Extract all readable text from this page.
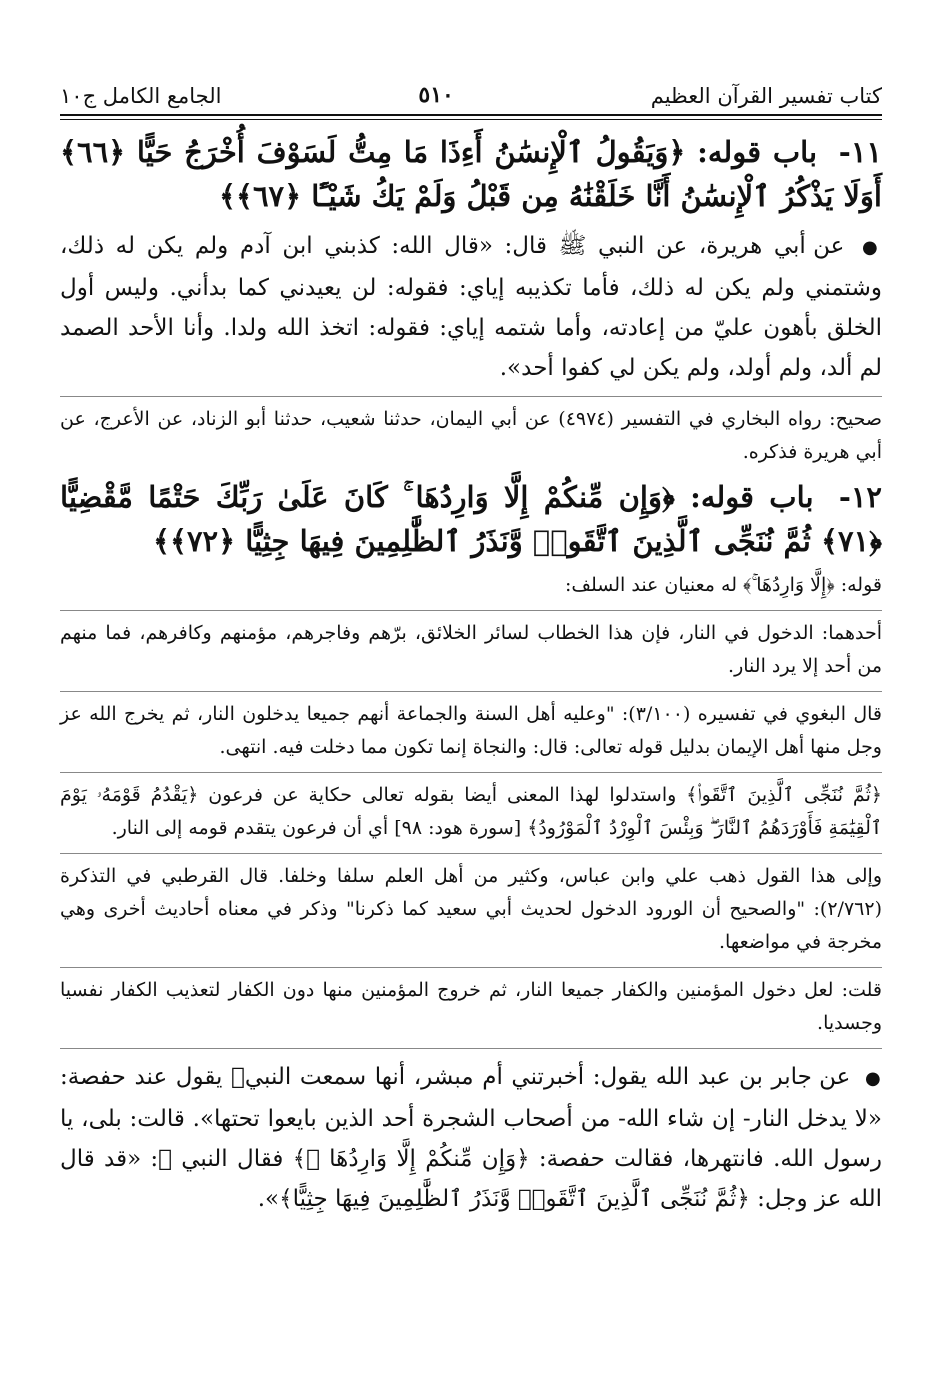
كتاب تفسير القرآن العظيم
٥١٠
الجامع الكامل ج١٠
١١- باب قوله: ﴿وَيَقُولُ ٱلْإِنسَٰنُ أَءِذَا مَا مِتُّ لَسَوْفَ أُخْرَجُ حَيًّا ﴿٦٦﴾ أَوَلَا يَذْكُرُ ٱلْإِنسَٰنُ أَنَّا خَلَقْنَٰهُ مِن قَبْلُ وَلَمْ يَكُ شَيْـًٔا ﴿٦٧﴾﴾

● عن أبي هريرة، عن النبي ﷺ قال: «قال الله: كذبني ابن آدم ولم يكن له ذلك، وشتمني ولم يكن له ذلك، فأما تكذيبه إياي: فقوله: لن يعيدني كما بدأني. وليس أول الخلق بأهون عليّ من إعادته، وأما شتمه إياي: فقوله: اتخذ الله ولدا. وأنا الأحد الصمد لم ألد، ولم أولد، ولم يكن لي كفوا أحد».

صحيح: رواه البخاري في التفسير (٤٩٧٤) عن أبي اليمان، حدثنا شعيب، حدثنا أبو الزناد، عن الأعرج، عن أبي هريرة فذكره.

١٢- باب قوله: ﴿وَإِن مِّنكُمْ إِلَّا وَارِدُهَا ۚ كَانَ عَلَىٰ رَبِّكَ حَتْمًا مَّقْضِيًّا ﴿٧١﴾ ثُمَّ نُنَجِّى ٱلَّذِينَ ٱتَّقَوا۟ وَّنَذَرُ ٱلظَّٰلِمِينَ فِيهَا جِثِيًّا ﴿٧٢﴾﴾

قوله: ﴿إِلَّا وَارِدُهَا ۚ﴾ له معنيان عند السلف:

أحدهما: الدخول في النار، فإن هذا الخطاب لسائر الخلائق، برّهم وفاجرهم، مؤمنهم وكافرهم، فما منهم من أحد إلا يرد النار.

قال البغوي في تفسيره (٣/١٠٠): "وعليه أهل السنة والجماعة أنهم جميعا يدخلون النار، ثم يخرج الله عز وجل منها أهل الإيمان بدليل قوله تعالى: قال: والنجاة إنما تكون مما دخلت فيه. انتهى.

﴿ثُمَّ نُنَجِّى ٱلَّذِينَ ٱتَّقَوا۟﴾ واستدلوا لهذا المعنى أيضا بقوله تعالى حكاية عن فرعون ﴿يَقْدُمُ قَوْمَهُۥ يَوْمَ ٱلْقِيَٰمَةِ فَأَوْرَدَهُمُ ٱلنَّارَ ۖ وَبِئْسَ ٱلْوِرْدُ ٱلْمَوْرُودُ﴾ [سورة هود: ٩٨] أي أن فرعون يتقدم قومه إلى النار.

وإلى هذا القول ذهب علي وابن عباس، وكثير من أهل العلم سلفا وخلفا. قال القرطبي في التذكرة (٢/٧٦٢): "والصحيح أن الورود الدخول لحديث أبي سعيد كما ذكرنا" وذكر في معناه أحاديث أخرى وهي مخرجة في مواضعها.

قلت: لعل دخول المؤمنين والكفار جميعا النار، ثم خروج المؤمنين منها دون الكفار لتعذيب الكفار نفسيا وجسديا.

● عن جابر بن عبد الله يقول: أخبرتني أم مبشر، أنها سمعت النبيﷺ يقول عند حفصة: «لا يدخل النار- إن شاء الله- من أصحاب الشجرة أحد الذين بايعوا تحتها». قالت: بلى، يا رسول الله. فانتهرها، فقالت حفصة: ﴿وَإِن مِّنكُمْ إِلَّا وَارِدُهَا ۚ﴾ فقال النبي ﷺ: «قد قال الله عز وجل: ﴿ثُمَّ نُنَجِّى ٱلَّذِينَ ٱتَّقَوا۟ وَّنَذَرُ ٱلظَّٰلِمِينَ فِيهَا جِثِيًّا﴾».
